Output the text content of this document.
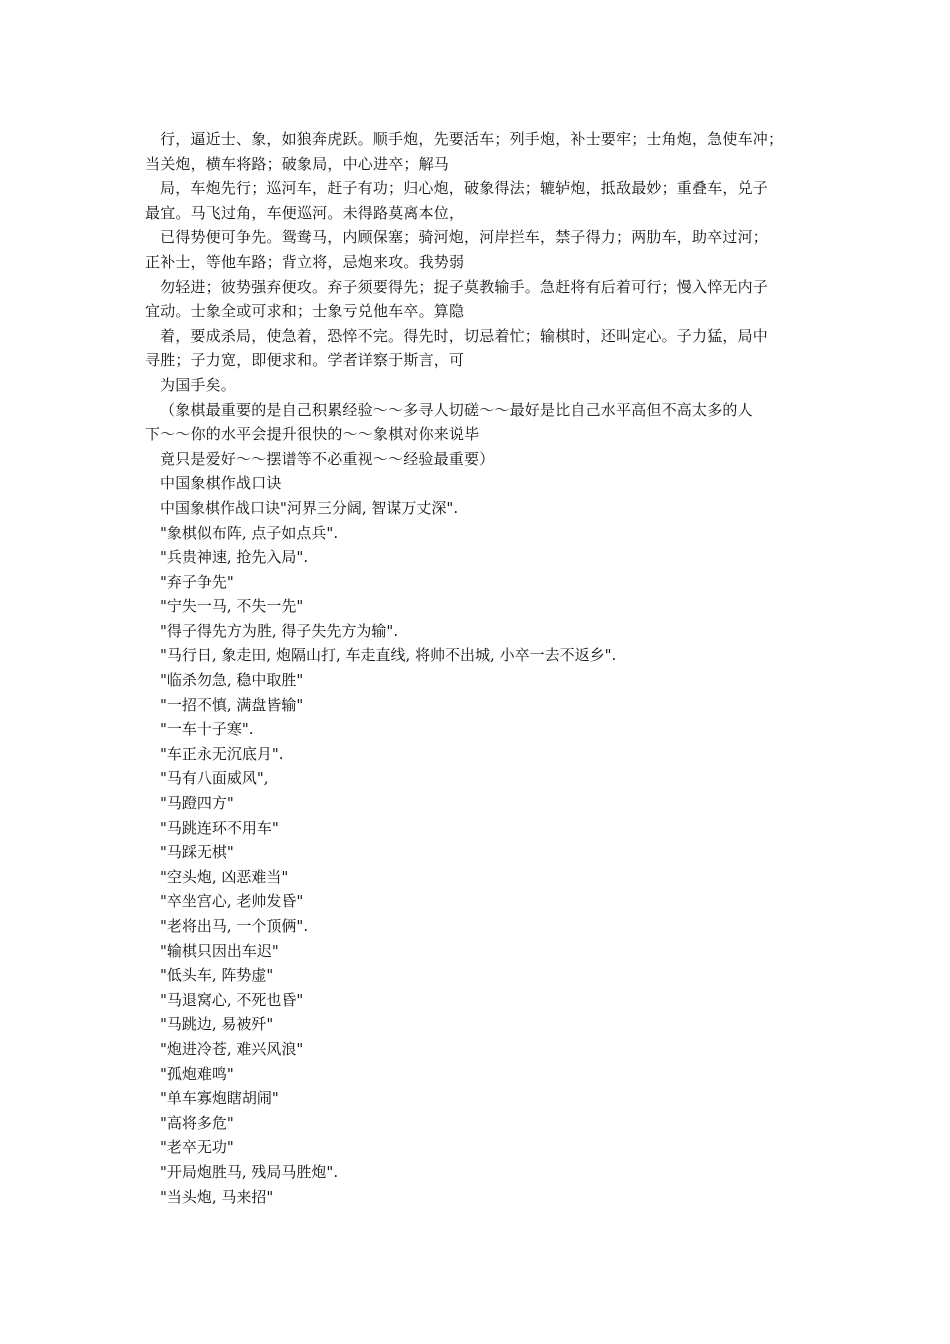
行，逼近士、象，如狼奔虎跃。顺手炮，先要活车；列手炮，补士要牢；士角炮，急使车冲；
当关炮，横车将路；破象局，中心进卒；解马
局，车炮先行；巡河车，赶子有功；归心炮，破象得法；辘轳炮，抵敌最妙；重叠车，兑子
最宜。马飞过角，车便巡河。未得路莫离本位，
已得势便可争先。鸳鸯马，内顾保塞；骑河炮，河岸拦车，禁子得力；两肋车，助卒过河；
正补士，等他车路；背立将，忌炮来攻。我势弱
勿轻进；彼势强弃便攻。弃子须要得先；捉子莫教输手。急赶将有后着可行；慢入悴无内子
宜动。士象全或可求和；士象亏兑他车卒。算隐
着，要成杀局，使急着，恐悴不完。得先时，切忌着忙；输棋时，还叫定心。子力猛，局中
寻胜；子力宽，即便求和。学者详察于斯言，可
为国手矣。
（象棋最重要的是自己积累经验～～多寻人切磋～～最好是比自己水平高但不高太多的人
下～～你的水平会提升很快的～～象棋对你来说毕
竟只是爱好～～摆谱等不必重视～～经验最重要）
中国象棋作战口诀
中国象棋作战口诀"河界三分阔, 智谋万丈深".
"象棋似布阵, 点子如点兵".
"兵贵神速, 抢先入局".
"弃子争先"
"宁失一马, 不失一先"
"得子得先方为胜, 得子失先方为输".
"马行日, 象走田, 炮隔山打, 车走直线, 将帅不出城, 小卒一去不返乡".
"临杀勿急, 稳中取胜"
"一招不慎, 满盘皆输"
"一车十子寒".
"车正永无沉底月".
"马有八面威风",
"马蹬四方"
"马跳连环不用车"
"马踩无棋"
"空头炮, 凶恶难当"
"卒坐宫心, 老帅发昏"
"老将出马, 一个顶俩".
"输棋只因出车迟"
"低头车, 阵势虚"
"马退窝心, 不死也昏"
"马跳边, 易被歼"
"炮进冷苍, 难兴风浪"
"孤炮难鸣"
"单车寡炮瞎胡闹"
"高将多危"
"老卒无功"
"开局炮胜马, 残局马胜炮".
"当头炮, 马来招"
